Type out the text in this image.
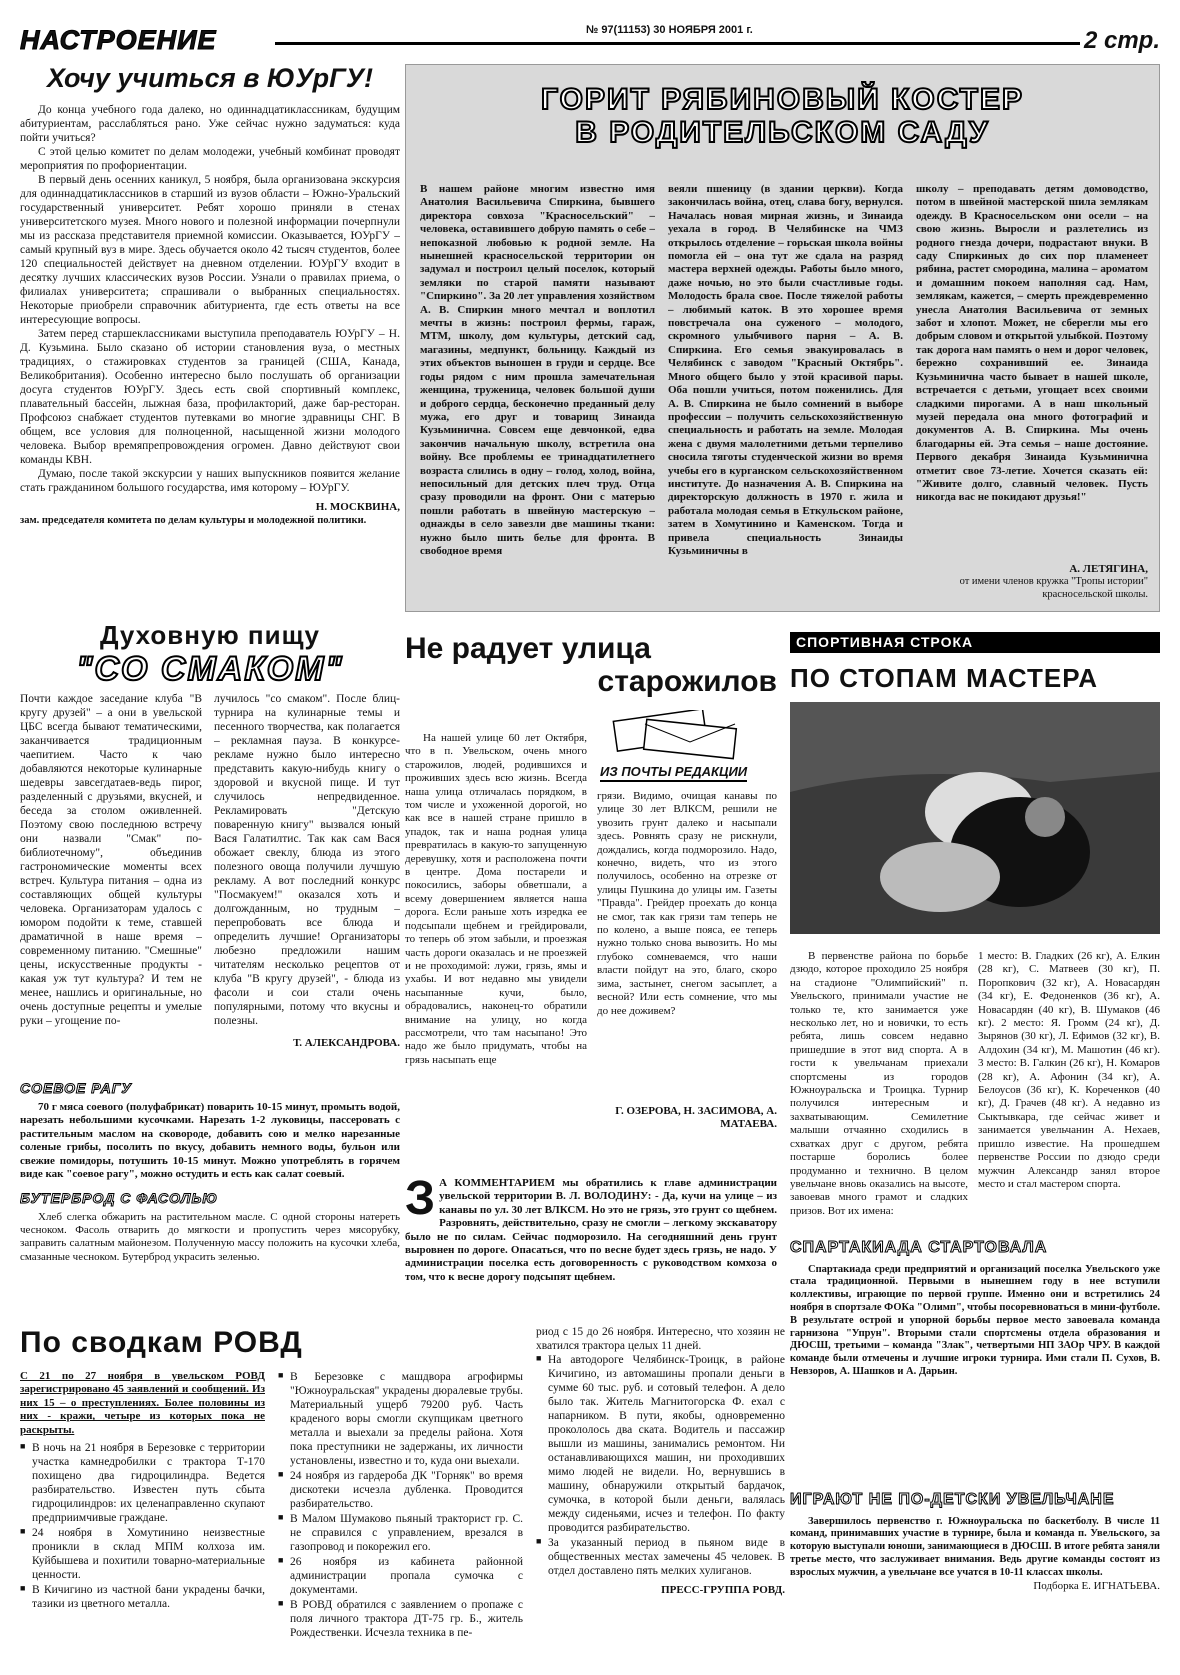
НАСТРОЕНИЕ	№ 97(11153) 30 НОЯБРЯ 2001 г.	2 стр.
Хочу учиться в ЮУрГУ!

До конца учебного года далеко, но одиннадцатиклассникам, будущим абитуриентам, расслабляться рано. Уже сейчас нужно задуматься: куда пойти учиться?

С этой целью комитет по делам молодежи, учебный комбинат проводят мероприятия по профориентации.

В первый день осенних каникул, 5 ноября, была организована экскурсия для одиннадцатиклассников в старший из вузов области – Южно-Уральский государственный университет. Ребят хорошо приняли в стенах университетского музея. Много нового и полезной информации почерпнули мы из рассказа представителя приемной комиссии. Оказывается, ЮУрГУ – самый крупный вуз в мире. Здесь обучается около 42 тысяч студентов, более 120 специальностей действует на дневном отделении. ЮУрГУ входит в десятку лучших классических вузов России. Узнали о правилах приема, о филиалах университета; спрашивали о выбранных специальностях. Некоторые приобрели справочник абитуриента, где есть ответы на все интересующие вопросы.

Затем перед старшеклассниками выступила преподаватель ЮУрГУ – Н. Д. Кузьмина. Было сказано об истории становления вуза, о местных традициях, о стажировках студентов за границей (США, Канада, Великобритания). Особенно интересно было послушать об организации досуга студентов ЮУрГУ. Здесь есть свой спортивный комплекс, плавательный бассейн, лыжная база, профилакторий, даже бар-ресторан. Профсоюз снабжает студентов путевками во многие здравницы СНГ. В общем, все условия для полноценной, насыщенной жизни молодого человека. Выбор времяпрепровождения огромен. Давно действуют свои команды КВН.

Думаю, после такой экскурсии у наших выпускников появится желание стать гражданином большого государства, имя которому – ЮУрГУ.

Н. МОСКВИНА,

зам. председателя комитета по делам культуры и молодежной политики.

ГОРИТ РЯБИНОВЫЙ КОСТЕР
В РОДИТЕЛЬСКОМ САДУ
В нашем районе многим известно имя Анатолия Васильевича Спиркина, бывшего директора совхоза "Красносельский" – человека, оставившего добрую память о себе – непоказной любовью к родной земле. На нынешней красносельской территории он задумал и построил целый поселок, который земляки по старой памяти называют "Спиркино". За 20 лет управления хозяйством А. В. Спиркин много мечтал и воплотил мечты в жизнь: построил фермы, гараж, МТМ, школу, дом культуры, детский сад, магазины, медпункт, больницу. Каждый из этих объектов выношен в груди и сердце. Все годы рядом с ним прошла замечательная женщина, труженица, человек большой души и доброго сердца, бесконечно преданный делу мужа, его друг и товарищ Зинаида Кузьминична. Совсем еще девчонкой, едва закончив начальную школу, встретила она войну. Все проблемы ее тринадцатилетнего возраста слились в одну – голод, холод, война, непосильный для детских плеч труд. Отца сразу проводили на фронт. Они с матерью пошли работать в швейную мастерскую – однажды в село завезли две машины ткани: нужно было шить белье для фронта. В свободное время
веяли пшеницу (в здании церкви). Когда закончилась война, отец, слава богу, вернулся. Началась новая мирная жизнь, и Зинаида уехала в город. В Челябинске на ЧМЗ открылось отделение – горьская школа войны помогла ей – она тут же сдала на разряд мастера верхней одежды. Работы было много, даже ночью, но это были счастливые годы. Молодость брала свое. После тяжелой работы – любимый каток. В это хорошее время повстречала она суженого – молодого, скромного улыбчивого парня – А. В. Спиркина. Его семья эвакуировалась в Челябинск с заводом "Красный Октябрь". Много общего было у этой красивой пары. Оба пошли учиться, потом поженились. Для А. В. Спиркина не было сомнений в выборе профессии – получить сельскохозяйственную специальность и работать на земле. Молодая жена с двумя малолетними детьми терпеливо сносила тяготы студенческой жизни во время учебы его в курганском сельскохозяйственном институте. До назначения А. В. Спиркина на директорскую должность в 1970 г. жила и работала молодая семья в Еткульском районе, затем в Хомутинино и Каменском. Тогда и привела специальность Зинаиды Кузьминичны в
школу – преподавать детям домоводство, потом в швейной мастерской шила землякам одежду. В Красносельском они осели – на свою жизнь. Выросли и разлетелись из родного гнезда дочери, подрастают внуки. В саду Спиркиных до сих пор пламенеет рябина, растет смородина, малина – ароматом и домашним покоем наполняя сад. Нам, землякам, кажется, – смерть преждевременно унесла Анатолия Васильевича от земных забот и хлопот. Может, не сберегли мы его добрым словом и открытой улыбкой. Поэтому так дорога нам память о нем и дорог человек, бережно сохранивший ее. Зинаида Кузьминична часто бывает в нашей школе, встречается с детьми, угощает всех своими сладкими пирогами. А в наш школьный музей передала она много фотографий и документов А. В. Спиркина. Мы очень благодарны ей. Эта семья – наше достояние. Первого декабря Зинаида Кузьминична отметит свое 73-летие. Хочется сказать ей: "Живите долго, славный человек. Пусть никогда вас не покидают друзья!"
А. ЛЕТЯГИНА,
от имени членов кружка "Тропы истории" красносельской школы.
Духовную пищу
"СО СМАКОМ"
Почти каждое заседание клуба "В кругу друзей" – а они в увельской ЦБС всегда бывают тематическими, заканчивается традиционным чаепитием. Часто к чаю добавляются некоторые кулинарные шедевры завсегдатаев-ведь пирог, разделенный с друзьями, вкусней, и беседа за столом оживленней. Поэтому свою последнюю встречу они назвали "Смак" по-библиотечному", объединив гастрономические моменты всех встреч. Культура питания – одна из составляющих общей культуры человека. Организаторам удалось с юмором подойти к теме, ставшей драматичной в наше время – современному питанию. "Смешные" цены, искусственные продукты - какая уж тут культура? И тем не менее, нашлись и оригинальные, но очень доступные рецепты и умелые руки – угощение по-
лучилось "со смаком". После блиц-турнира на кулинарные темы и песенного творчества, как полагается – рекламная пауза. В конкурсе-рекламе нужно было интересно представить какую-нибудь книгу о здоровой и вкусной пище. И тут случилось непредвиденное. Рекламировать "Детскую поваренную книгу" вызвался юный Вася Галатилтис. Так как сам Вася обожает свеклу, блюда из этого полезного овоща получили лучшую рекламу. А вот последний конкурс "Посмакуем!" оказался хоть и долгожданным, но трудным – перепробовать все блюда и определить лучшие! Организаторы любезно предложили нашим читателям несколько рецептов от клуба "В кругу друзей", - блюда из фасоли и сои стали очень популярными, потому что вкусны и полезны.
Т. АЛЕКСАНДРОВА.
СОЕВОЕ РАГУ

70 г мяса соевого (полуфабрикат) поварить 10-15 минут, промыть водой, нарезать небольшими кусочками. Нарезать 1-2 луковицы, пассеровать с растительным маслом на сковороде, добавить сою и мелко нарезанные соленые грибы, посолить по вкусу, добавить немного воды, бульон или свежие помидоры, потушить 10-15 минут. Можно употреблять в горячем виде как "соевое рагу", можно остудить и есть как салат соевый.

БУТЕРБРОД С ФАСОЛЬЮ

Хлеб слегка обжарить на растительном масле. С одной стороны натереть чесноком. Фасоль отварить до мягкости и пропустить через мясорубку, заправить салатным майонезом. Полученную массу положить на кусочки хлеба, смазанные чесноком. Бутерброд украсить зеленью.

Не радует улица
старожилов
ИЗ ПОЧТЫ РЕДАКЦИИ
На нашей улице 60 лет Октября, что в п. Увельском, очень много старожилов, людей, родившихся и проживших здесь всю жизнь. Всегда наша улица отличалась порядком, в том числе и ухоженной дорогой, но как все в нашей стране пришло в упадок, так и наша родная улица превратилась в какую-то запущенную деревушку, хотя и расположена почти в центре. Дома постарели и покосились, заборы обветшали, а всему довершением является наша дорога. Если раньше хоть изредка ее подсыпали щебнем и грейдировали, то теперь об этом забыли, и проезжая часть дороги оказалась и не проезжей и не проходимой: лужи, грязь, ямы и ухабы. И вот недавно мы увидели насыпанные кучи, было, обрадовались, наконец-то обратили внимание на улицу, но когда рассмотрели, что там насыпано! Это надо же было придумать, чтобы на грязь насыпать еще
грязи. Видимо, очищая канавы по улице 30 лет ВЛКСМ, решили не увозить грунт далеко и насыпали здесь. Ровнять сразу не рискнули, дождались, когда подморозило. Надо, конечно, видеть, что из этого получилось, особенно на отрезке от улицы Пушкина до улицы им. Газеты "Правда". Грейдер проехать до конца не смог, так как грязи там теперь не по колено, а выше пояса, ее теперь нужно только снова вывозить. Но мы глубоко сомневаемся, что наши власти пойдут на это, благо, скоро зима, застынет, снегом засыплет, а весной? Или есть сомнение, что мы до нее доживем?
Г. ОЗЕРОВА, Н. ЗАСИМОВА, А. МАТАЕВА.
З А КОММЕНТАРИЕМ мы обратились к главе администрации увельской территории В. Л. ВОЛОДИНУ: - Да, кучи на улице – из канавы по ул. 30 лет ВЛКСМ. Но это не грязь, это грунт со щебнем. Разровнять, действительно, сразу не смогли – легкому экскаватору было не по силам. Сейчас подморозило. На сегодняшний день грунт выровнен по дороге. Опасаться, что по весне будет здесь грязь, не надо. У администрации поселка есть договоренность с руководством комхоза о том, что к весне дорогу подсыпят щебнем.
СПОРТИВНАЯ СТРОКА
ПО СТОПАМ МАСТЕРА
В первенстве района по борьбе дзюдо, которое проходило 25 ноября на стадионе "Олимпийский" п. Увельского, принимали участие не только те, кто занимается уже несколько лет, но и новички, то есть ребята, лишь совсем недавно пришедшие в этот вид спорта. А в гости к увельчанам приехали спортсмены из городов Южноуральска и Троицка. Турнир получился интересным и захватывающим. Семилетние малыши отчаянно сходились в схватках друг с другом, ребята постарше боролись более продуманно и технично. В целом увельчане вновь оказались на высоте, завоевав много грамот и сладких призов. Вот их имена:
1 место: В. Гладких (26 кг), А. Елкин (28 кг), С. Матвеев (30 кг), П. Поропкович (32 кг), А. Новасардян (34 кг), Е. Федоненков (36 кг), А. Новасардян (40 кг), В. Шумаков (46 кг). 2 место: Я. Громм (24 кг), Д. Зырянов (30 кг), Л. Ефимов (32 кг), В. Алдохин (34 кг), М. Машотин (46 кг). 3 место: В. Галкин (26 кг), Н. Комаров (28 кг), А. Афонин (34 кг), А. Белоусов (36 кг), К. Кореченков (40 кг), Д. Грачев (48 кг). А недавно из Сыктывкара, где сейчас живет и занимается увельчанин А. Нехаев, пришло известие. На прошедшем первенстве России по дзюдо среди мужчин Александр занял второе место и стал мастером спорта.
СПАРТАКИАДА СТАРТОВАЛА

Спартакиада среди предприятий и организаций поселка Увельского уже стала традиционной. Первыми в нынешнем году в нее вступили коллективы, играющие по первой группе. Именно они и встретились 24 ноября в спортзале ФОКа "Олимп", чтобы посоревноваться в мини-футболе. В результате острой и упорной борьбы первое место завоевала команда гарнизона "Упрун". Вторыми стали спортсмены отдела образования и ДЮСШ, третьими – команда "Злак", четвертыми НП ЗАОр ЧРУ. В каждой команде были отмечены и лучшие игроки турнира. Ими стали П. Сухов, В. Невзоров, А. Шашков и А. Дарьин.

ИГРАЮТ НЕ ПО-ДЕТСКИ УВЕЛЬЧАНЕ

Завершилось первенство г. Южноуральска по баскетболу. В числе 11 команд, принимавших участие в турнире, была и команда п. Увельского, за которую выступали юноши, занимающиеся в ДЮСШ. В итоге ребята заняли третье место, что заслуживает внимания. Ведь другие команды состоят из взрослых мужчин, а увельчане все учатся в 10-11 классах школы.

Подборка Е. ИГНАТЬЕВА.

По сводкам РОВД

С 21 по 27 ноября в увельском РОВД зарегистрировано 45 заявлений и сообщений. Из них 15 – о преступлениях. Более половины из них - кражи, четыре из которых пока не раскрыты.

■ В ночь на 21 ноября в Березовке с территории участка камнедробилки с трактора Т-170 похищено два гидроцилиндра. Ведется разбирательство. Известен путь сбыта гидроцилиндров: их целенаправленно скупают предприимчивые граждане.
■ 24 ноября в Хомутинино неизвестные проникли в склад МПМ колхоза им. Куйбышева и похитили товарно-материальные ценности.
■ В Кичигино из частной бани украдены бачки, тазики из цветного металла.
■ В Березовке с машдвора агрофирмы "Южноуральская" украдены дюралевые трубы. Материальный ущерб 79200 руб. Часть краденого воры смогли скупщикам цветного металла и выехали за пределы района. Хотя пока преступники не задержаны, их личности установлены, известно и то, куда они выехали.
■ 24 ноября из гардероба ДК "Горняк" во время дискотеки исчезла дубленка. Проводится разбирательство.
■ В Малом Шумаково пьяный тракторист гр. С. не справился с управлением, врезался в газопровод и покорежил его.
■ 26 ноября из кабинета районной администрации пропала сумочка с документами.
■ В РОВД обратился с заявлением о пропаже с поля личного трактора ДТ-75 гр. Б., житель Рождественки. Исчезла техника в пе-

риод с 15 до 26 ноября. Интересно, что хозяин не хватился трактора целых 11 дней.

■ На автодороге Челябинск-Троицк, в районе Кичигино, из автомашины пропали деньги в сумме 60 тыс. руб. и сотовый телефон. А дело было так. Житель Магнитогорска Ф. ехал с напарником. В пути, якобы, одновременно прокололось два ската. Водитель и пассажир вышли из машины, занимались ремонтом. Ни останавливающихся машин, ни проходивших мимо людей не видели. Но, вернувшись в машину, обнаружили открытый бардачок, сумочка, в которой были деньги, валялась между сиденьями, исчез и телефон. По факту проводится разбирательство.
■ За указанный период в пьяном виде в общественных местах замечены 45 человек. В отдел доставлено пять мелких хулиганов.

ПРЕСС-ГРУППА РОВД.
